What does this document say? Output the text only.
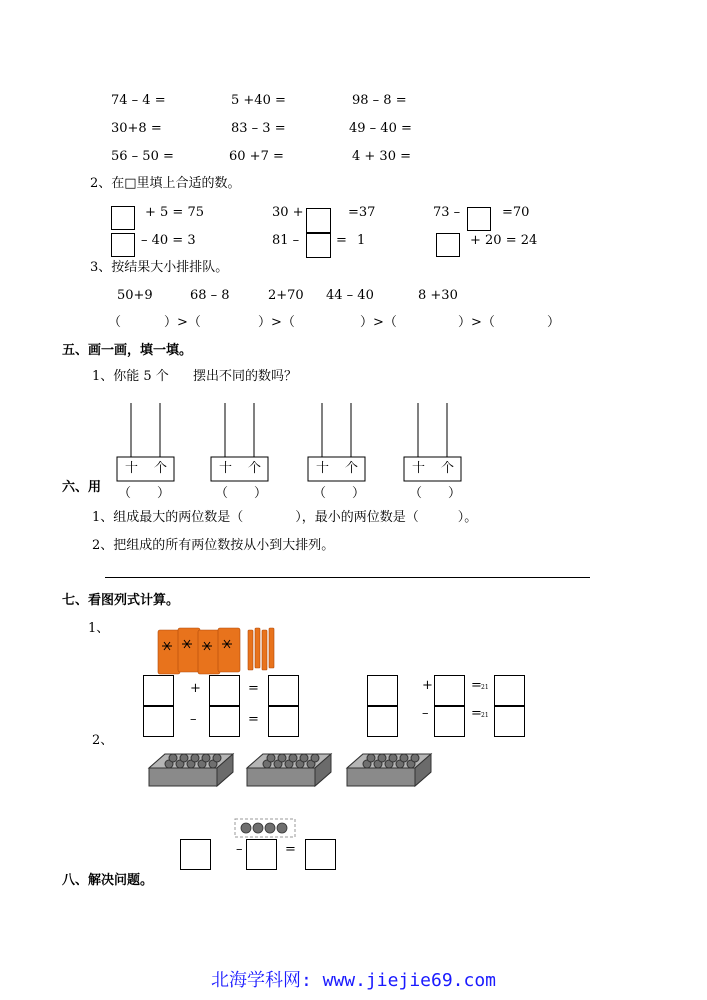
74 – 4 =	5 +40 =	98 – 8 =
30+8 =	83 – 3 =	49 – 40 =
56 – 50 =	60 +7 =	4 + 30 =
2、在□里填上合适的数。
+ 5 = 75	30 +	=37	73 –	=70
– 40 = 3	81 –	= 1	+ 20 = 24
3、按结果大小排排队。
50+9	68 – 8	2+70 44 – 40	8 +30
（	）>（	）>（	）>（	）>（	）
五、画一画，填一填。
1、你能 5 个 摆出不同的数吗？
十 个
（　　）
十 个
（　　）
十 个
（　　）
十 个
（　　）
六、用
1、组成最大的两位数是（　　　　），最小的两位数是（　　　）。
2、把组成的所有两位数按从小到大排列。
七、看图列式计算。
1、
+	=
–	=
+	= 21
–	= 21
2、
–	=
八、解决问题。
北海学科网: www.jiejie69.com
